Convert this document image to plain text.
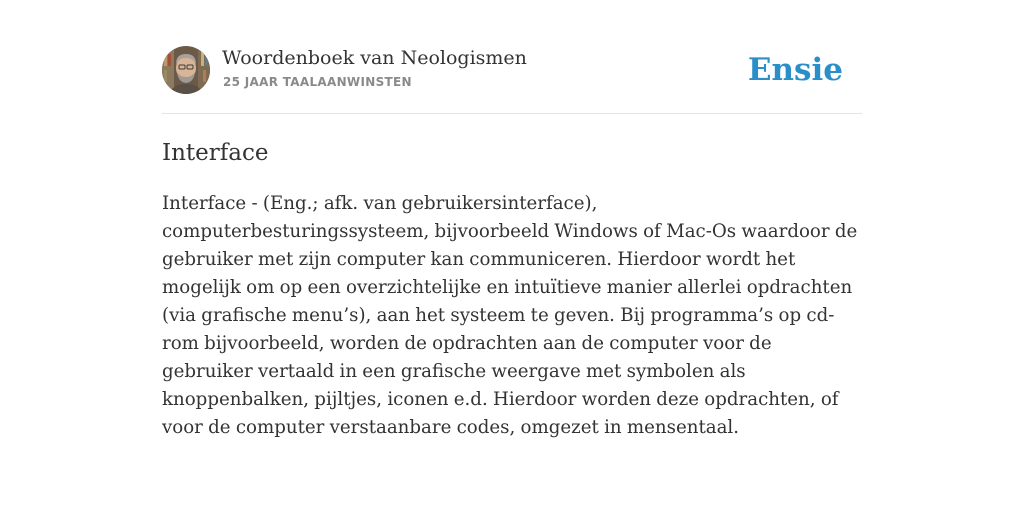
Woordenboek van Neologismen
25 JAAR TAALAANWINSTEN	Ensie
Interface

Interface - (Eng.; afk. van gebruikersinterface), computerbesturingssysteem, bijvoorbeeld Windows of Mac-Os waardoor de gebruiker met zijn computer kan communiceren. Hierdoor wordt het mogelijk om op een overzichtelijke en intuïtieve manier allerlei opdrachten (via grafische menu’s), aan het systeem te geven. Bij programma’s op cd-rom bijvoorbeeld, worden de opdrachten aan de computer voor de gebruiker vertaald in een grafische weergave met symbolen als knoppenbalken, pijltjes, iconen e.d. Hierdoor worden deze opdrachten, of voor de computer verstaanbare codes, omgezet in mensentaal.
